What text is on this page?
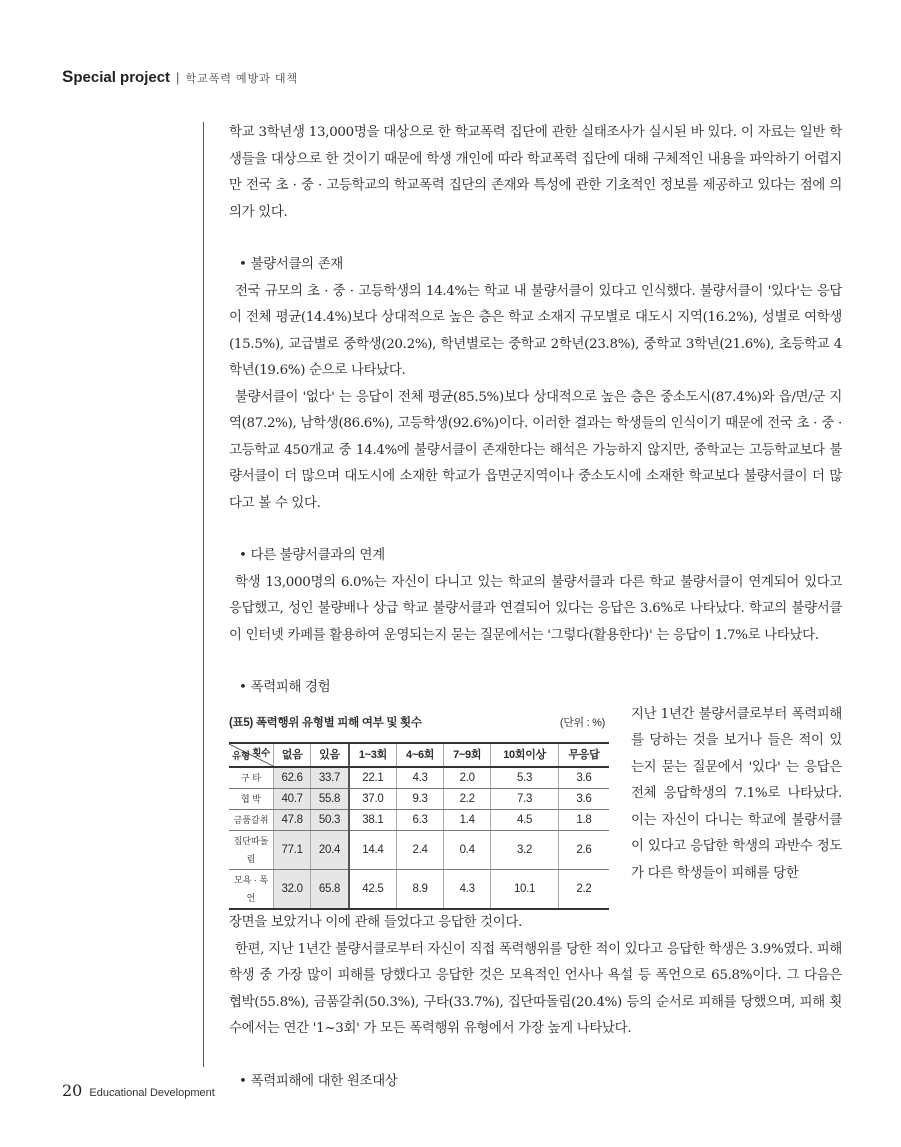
Special project | 학교폭력 예방과 대책

학교 3학년생 13,000명을 대상으로 한 학교폭력 집단에 관한 실태조사가 실시된 바 있다. 이 자료는 일반 학생들을 대상으로 한 것이기 때문에 학생 개인에 따라 학교폭력 집단에 대해 구체적인 내용을 파악하기 어렵지만 전국 초 · 중 · 고등학교의 학교폭력 집단의 존재와 특성에 관한 기초적인 정보를 제공하고 있다는 점에 의의가 있다.

• 불량서클의 존재

전국 규모의 초 · 중 · 고등학생의 14.4%는 학교 내 불량서클이 있다고 인식했다. 불량서클이 '있다'는 응답이 전체 평균(14.4%)보다 상대적으로 높은 층은 학교 소재지 규모별로 대도시 지역(16.2%), 성별로 여학생(15.5%), 교급별로 중학생(20.2%), 학년별로는 중학교 2학년(23.8%), 중학교 3학년(21.6%), 초등학교 4학년(19.6%) 순으로 나타났다.

불량서클이 '없다' 는 응답이 전체 평균(85.5%)보다 상대적으로 높은 층은 중소도시(87.4%)와 읍/면/군 지역(87.2%), 남학생(86.6%), 고등학생(92.6%)이다. 이러한 결과는 학생들의 인식이기 때문에 전국 초 · 중 · 고등학교 450개교 중 14.4%에 불량서클이 존재한다는 해석은 가능하지 않지만, 중학교는 고등학교보다 불량서클이 더 많으며 대도시에 소재한 학교가 읍면군지역이나 중소도시에 소재한 학교보다 불량서클이 더 많다고 볼 수 있다.

• 다른 불량서클과의 연계

학생 13,000명의 6.0%는 자신이 다니고 있는 학교의 불량서클과 다른 학교 불량서클이 연계되어 있다고 응답했고, 성인 불량배나 상급 학교 불량서클과 연결되어 있다는 응답은 3.6%로 나타났다. 학교의 불량서클이 인터넷 카페를 활용하여 운영되는지 묻는 질문에서는 '그렇다(활용한다)' 는 응답이 1.7%로 나타났다.

• 폭력피해 경험

(표5) 폭력행위 유형별 피해 여부 및 횟수	(단위 : %)
횟수
유형	없음	있음	1~3회	4~6회	7~9회	10회이상	무응답
구 타	62.6	33.7	22.1	4.3	2.0	5.3	3.6
협 박	40.7	55.8	37.0	9.3	2.2	7.3	3.6
금품갈취	47.8	50.3	38.1	6.3	1.4	4.5	1.8
집단따돌림	77.1	20.4	14.4	2.4	0.4	3.2	2.6
모욕 · 폭언	32.0	65.8	42.5	8.9	4.3	10.1	2.2

지난 1년간 불량서클로부터 폭력피해를 당하는 것을 보거나 들은 적이 있는지 묻는 질문에서 '있다' 는 응답은 전체 응답학생의 7.1%로 나타났다. 이는 자신이 다니는 학교에 불량서클이 있다고 응답한 학생의 과반수 정도가 다른 학생들이 피해를 당한

장면을 보았거나 이에 관해 들었다고 응답한 것이다.

한편, 지난 1년간 불량서클로부터 자신이 직접 폭력행위를 당한 적이 있다고 응답한 학생은 3.9%였다. 피해 학생 중 가장 많이 피해를 당했다고 응답한 것은 모욕적인 언사나 욕설 등 폭언으로 65.8%이다. 그 다음은 협박(55.8%), 금품갈취(50.3%), 구타(33.7%), 집단따돌림(20.4%) 등의 순서로 피해를 당했으며, 피해 횟수에서는 연간 '1~3회' 가 모든 폭력행위 유형에서 가장 높게 나타났다.

• 폭력피해에 대한 원조대상

20 Educational Development
